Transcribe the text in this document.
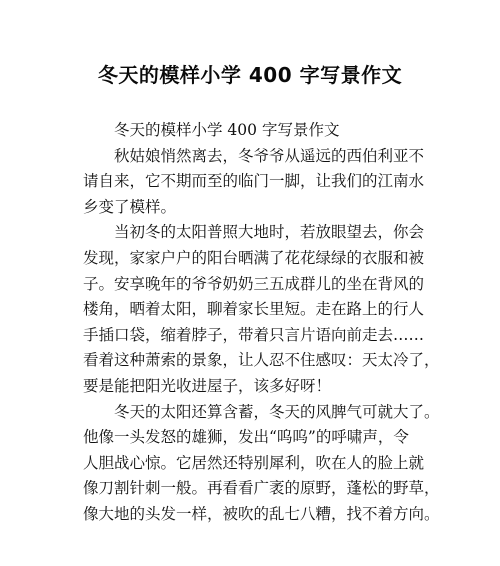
冬天的模样小学 400 字写景作文
冬天的模样小学 400 字写景作文
秋姑娘悄然离去，冬爷爷从遥远的西伯利亚不
请自来，它不期而至的临门一脚，让我们的江南水
乡变了模样。
当初冬的太阳普照大地时，若放眼望去，你会
发现，家家户户的阳台晒满了花花绿绿的衣服和被
子。安享晚年的爷爷奶奶三五成群儿的坐在背风的
楼角，晒着太阳，聊着家长里短。走在路上的行人
手插口袋，缩着脖子，带着只言片语向前走去……
看着这种萧索的景象，让人忍不住感叹：天太冷了，
要是能把阳光收进屋子，该多好呀！
冬天的太阳还算含蓄，冬天的风脾气可就大了。
他像一头发怒的雄狮，发出“呜呜”的呼啸声，令
人胆战心惊。它居然还特别犀利，吹在人的脸上就
像刀割针刺一般。再看看广袤的原野，蓬松的野草，
像大地的头发一样，被吹的乱七八糟，找不着方向。
